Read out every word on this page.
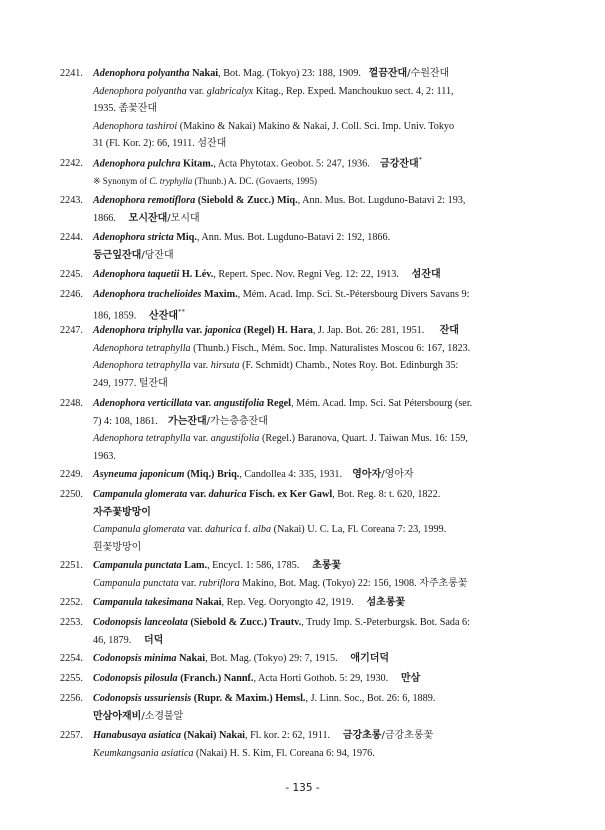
2241. Adenophora polyantha Nakai, Bot. Mag. (Tokyo) 23: 188, 1909. 껄끔잔대/수원잔대
Adenophora polyantha var. glabricalyx Kitag., Rep. Exped. Manchoukuo sect. 4, 2: 111,
1935. 좀꽃잔대
Adenophora tashiroi (Makino & Nakai) Makino & Nakai, J. Coll. Sci. Imp. Univ. Tokyo
31 (Fl. Kor. 2): 66, 1911. 섬잔대
2242. Adenophora pulchra Kitam., Acta Phytotax. Geobot. 5: 247, 1936. 금강잔대*
※ Synonym of C. tryphylla (Thunb.) A. DC. (Govaerts, 1995)
2243. Adenophora remotiflora (Siebold & Zucc.) Miq., Ann. Mus. Bot. Lugduno-Batavi 2: 193,
1866. 모시잔대/모시대
2244. Adenophora stricta Miq., Ann. Mus. Bot. Lugduno-Batavi 2: 192, 1866.
둥근잎잔대/당잔대
2245. Adenophora taquetii H. Lév., Repert. Spec. Nov. Regni Veg. 12: 22, 1913. 섬잔대
2246. Adenophora trachelioides Maxim., Mém. Acad. Imp. Sci. St.-Pétersbourg Divers Savans 9:
186, 1859. 산잔대**
2247. Adenophora triphylla var. japonica (Regel) H. Hara, J. Jap. Bot. 26: 281, 1951. 잔대
Adenophora tetraphylla (Thunb.) Fisch., Mém. Soc. Imp. Naturalistes Moscou 6: 167, 1823.
Adenophora tetraphylla var. hirsuta (F. Schmidt) Chamb., Notes Roy. Bot. Edinburgh 35:
249, 1977. 털잔대
2248. Adenophora verticillata var. angustifolia Regel, Mém. Acad. Imp. Sci. Sat Pétersbourg (ser.
7) 4: 108, 1861. 가는잔대/가는층층잔대
Adenophora tetraphylla var. angustifolia (Regel.) Baranova, Quart. J. Taiwan Mus. 16: 159,
1963.
2249. Asyneuma japonicum (Miq.) Briq., Candollea 4: 335, 1931. 영아자/영아자
2250. Campanula glomerata var. dahurica Fisch. ex Ker Gawl, Bot. Reg. 8: t. 620, 1822.
자주꽃방망이
Campanula glomerata var. dahurica f. alba (Nakai) U. C. La, Fl. Coreana 7: 23, 1999.
흰꽃방망이
2251. Campanula punctata Lam., Encycl. 1: 586, 1785. 초롱꽃
Campanula punctata var. rubriflora Makino, Bot. Mag. (Tokyo) 22: 156, 1908. 자주초롱꽃
2252. Campanula takesimana Nakai, Rep. Veg. Ooryongto 42, 1919. 섬초롱꽃
2253. Codonopsis lanceolata (Siebold & Zucc.) Trautv., Trudy Imp. S.-Peterburgsk. Bot. Sada 6:
46, 1879. 더덕
2254. Codonopsis minima Nakai, Bot. Mag. (Tokyo) 29: 7, 1915. 애기더덕
2255. Codonopsis pilosula (Franch.) Nannf., Acta Horti Gothob. 5: 29, 1930. 만삼
2256. Codonopsis ussuriensis (Rupr. & Maxim.) Hemsl., J. Linn. Soc., Bot. 26: 6, 1889.
만삼아재비/소경불알
2257. Hanabusaya asiatica (Nakai) Nakai, Fl. kor. 2: 62, 1911. 금강초롱/금강초롱꽃
Keumkangsania asiatica (Nakai) H. S. Kim, Fl. Coreana 6: 94, 1976.
- 135 -
